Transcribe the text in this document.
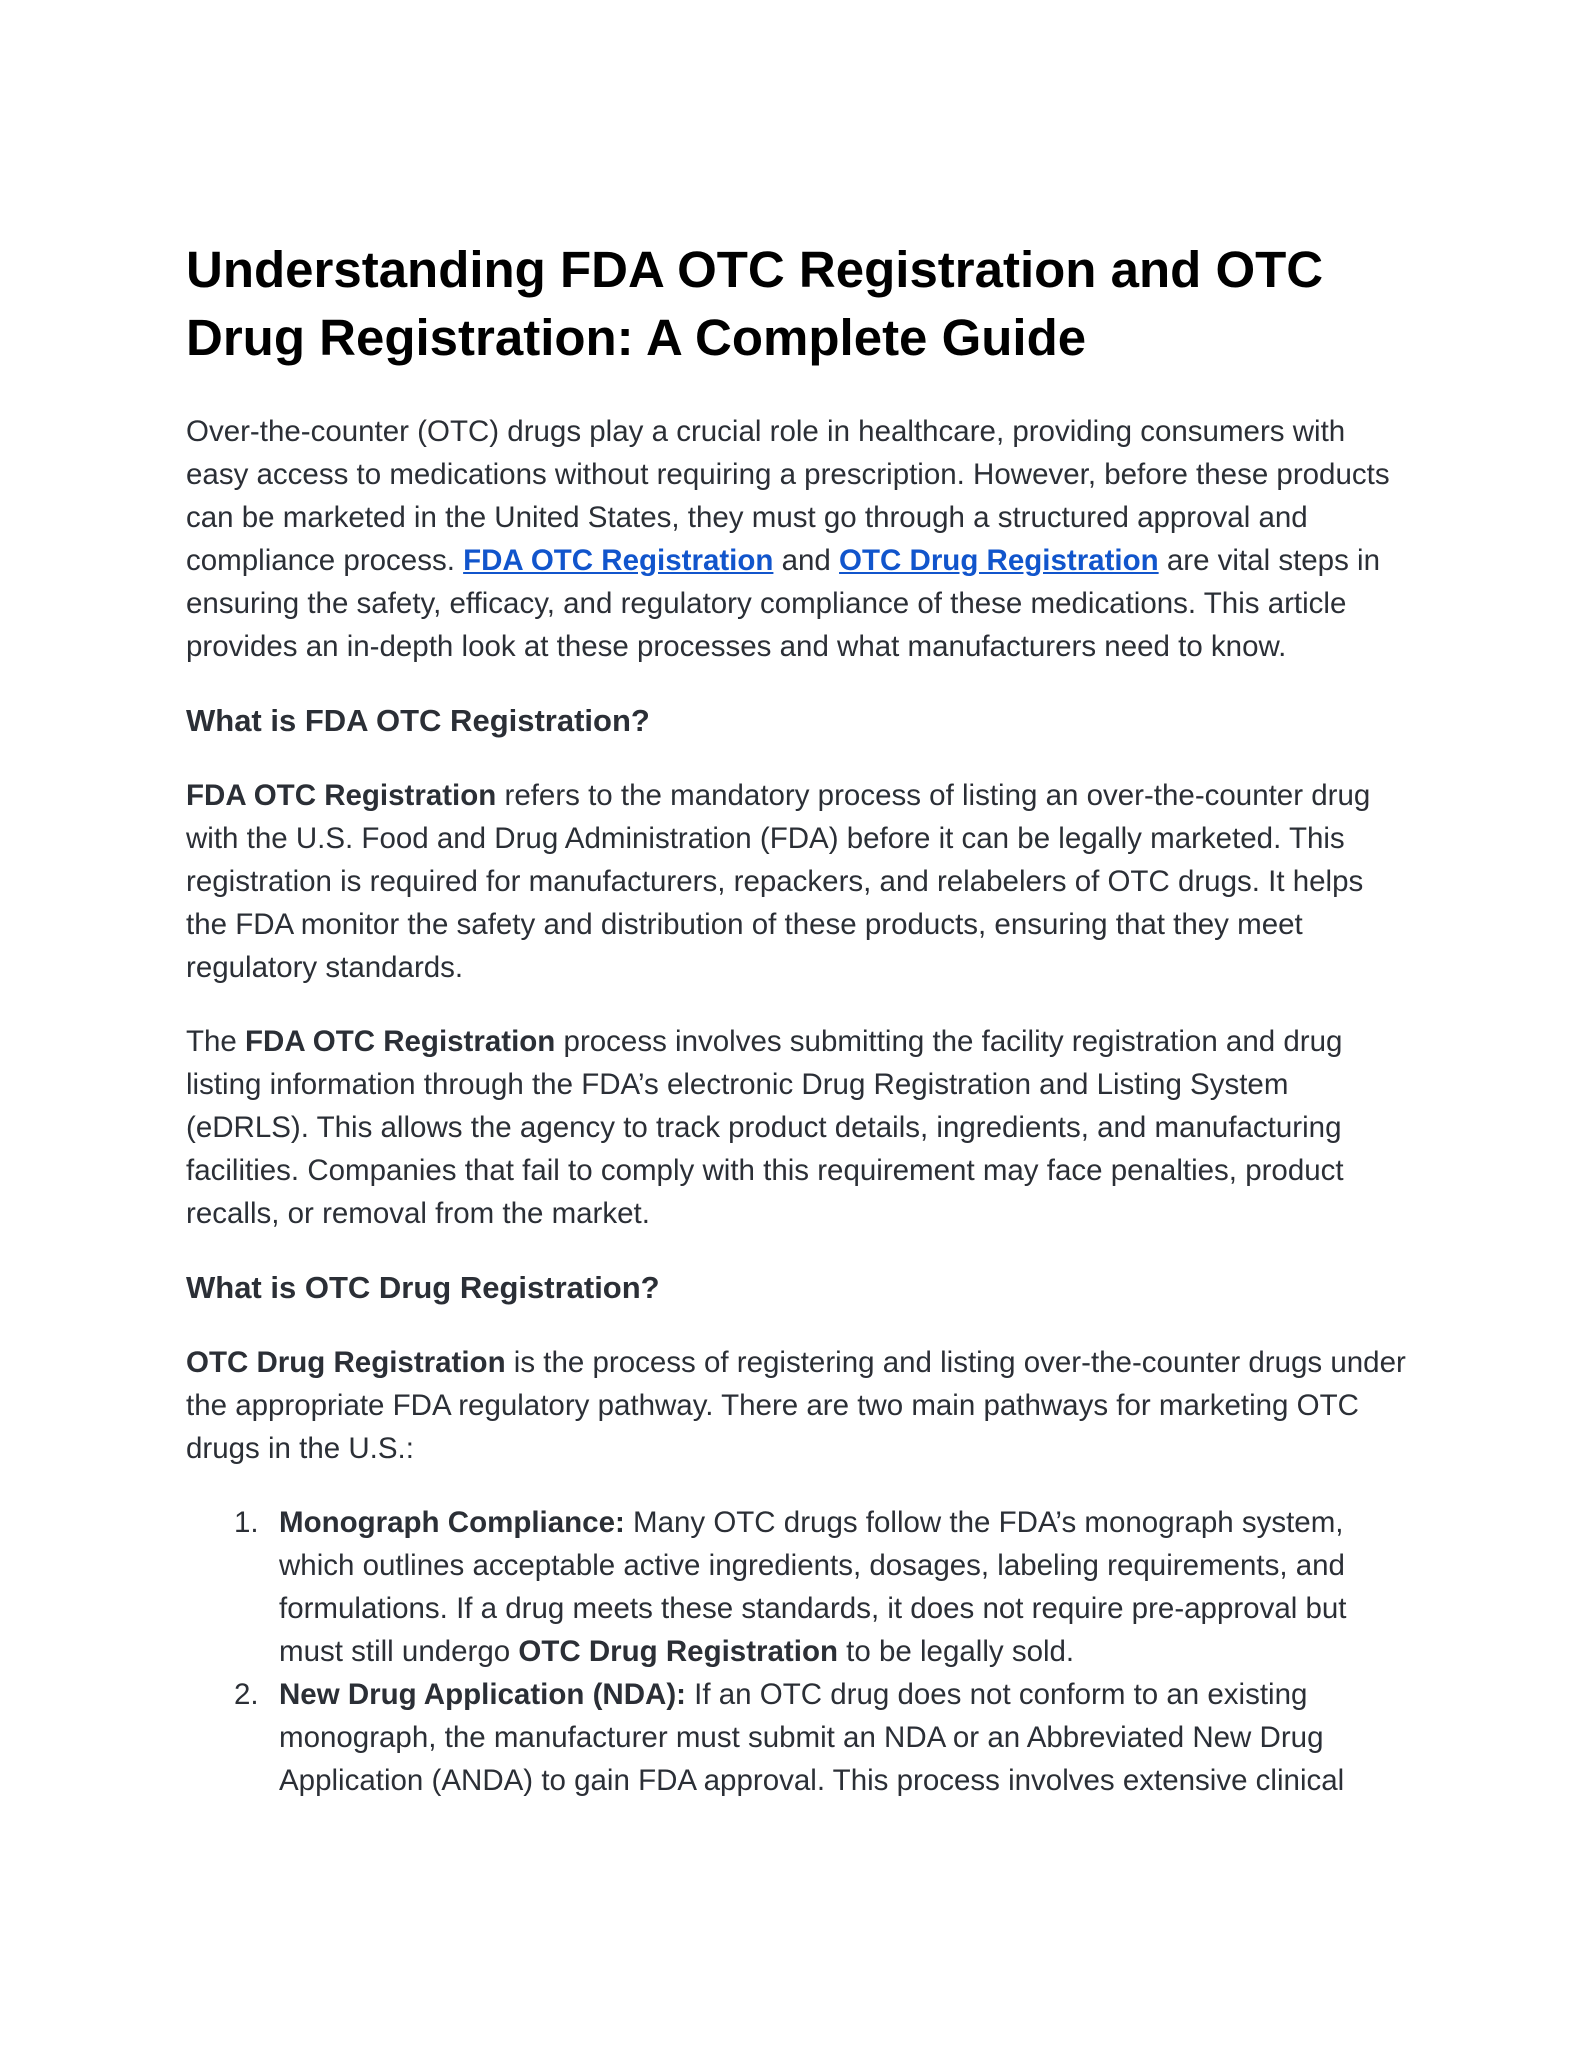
Understanding FDA OTC Registration and OTC Drug Registration: A Complete Guide

Over-the-counter (OTC) drugs play a crucial role in healthcare, providing consumers with easy access to medications without requiring a prescription. However, before these products can be marketed in the United States, they must go through a structured approval and compliance process. FDA OTC Registration and OTC Drug Registration are vital steps in ensuring the safety, efficacy, and regulatory compliance of these medications. This article provides an in-depth look at these processes and what manufacturers need to know.

What is FDA OTC Registration?

FDA OTC Registration refers to the mandatory process of listing an over-the-counter drug with the U.S. Food and Drug Administration (FDA) before it can be legally marketed. This registration is required for manufacturers, repackers, and relabelers of OTC drugs. It helps the FDA monitor the safety and distribution of these products, ensuring that they meet regulatory standards.

The FDA OTC Registration process involves submitting the facility registration and drug listing information through the FDA’s electronic Drug Registration and Listing System (eDRLS). This allows the agency to track product details, ingredients, and manufacturing facilities. Companies that fail to comply with this requirement may face penalties, product recalls, or removal from the market.

What is OTC Drug Registration?

OTC Drug Registration is the process of registering and listing over-the-counter drugs under the appropriate FDA regulatory pathway. There are two main pathways for marketing OTC drugs in the U.S.:

1. Monograph Compliance: Many OTC drugs follow the FDA’s monograph system, which outlines acceptable active ingredients, dosages, labeling requirements, and formulations. If a drug meets these standards, it does not require pre-approval but must still undergo OTC Drug Registration to be legally sold.
2. New Drug Application (NDA): If an OTC drug does not conform to an existing monograph, the manufacturer must submit an NDA or an Abbreviated New Drug Application (ANDA) to gain FDA approval. This process involves extensive clinical
